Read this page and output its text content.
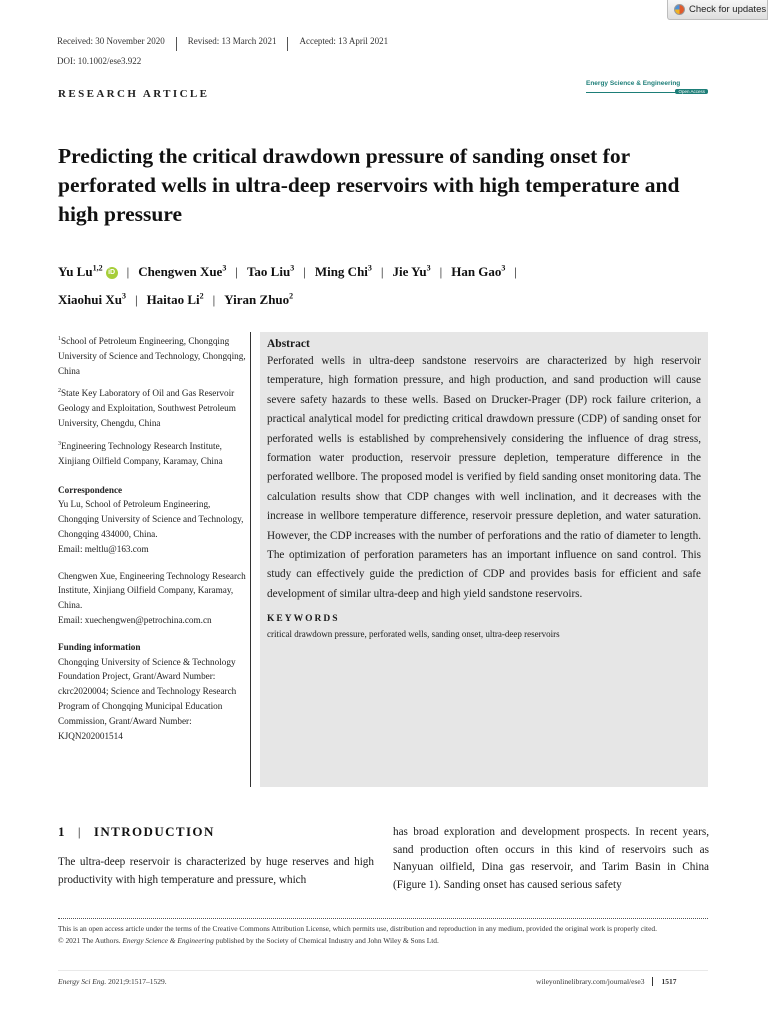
Check for updates
Received: 30 November 2020	Revised: 13 March 2021	Accepted: 13 April 2021
DOI: 10.1002/ese3.922
Energy Science & Engineering
Open Access
RESEARCH ARTICLE
Predicting the critical drawdown pressure of sanding onset for perforated wells in ultra-deep reservoirs with high temperature and high pressure
Yu Lu$^{1,2}$ iD | Chengwen Xue$^3$ | Tao Liu$^3$ | Ming Chi$^3$ | Jie Yu$^3$ | Han Gao$^3$ |
Xiaohui Xu$^3$ | Haitao Li$^2$ | Yiran Zhuo$^2$
$^1$School of Petroleum Engineering, Chongqing University of Science and Technology, Chongqing, China
$^2$State Key Laboratory of Oil and Gas Reservoir Geology and Exploitation, Southwest Petroleum University, Chengdu, China
$^3$Engineering Technology Research Institute, Xinjiang Oilfield Company, Karamay, China
Correspondence
Yu Lu, School of Petroleum Engineering, Chongqing University of Science and Technology, Chongqing 434000, China.
Email: meltlu@163.com
Chengwen Xue, Engineering Technology Research Institute, Xinjiang Oilfield Company, Karamay, China.
Email: xuechengwen@petrochina.com.cn
Funding information
Chongqing University of Science & Technology Foundation Project, Grant/Award Number: ckrc2020004; Science and Technology Research Program of Chongqing Municipal Education Commission, Grant/Award Number: KJQN202001514
Abstract
Perforated wells in ultra-deep sandstone reservoirs are characterized by high reservoir temperature, high formation pressure, and high production, and sand production will cause severe safety hazards to these wells. Based on Drucker-Prager (DP) rock failure criterion, a practical analytical model for predicting critical drawdown pressure (CDP) of sanding onset for perforated wells is established by comprehensively considering the influence of drag stress, formation water production, reservoir pressure depletion, temperature difference in the perforated wellbore. The proposed model is verified by field sanding onset monitoring data. The calculation results show that CDP changes with well inclination, and it decreases with the increase in wellbore temperature difference, reservoir pressure depletion, and water saturation. However, the CDP increases with the number of perforations and the ratio of diameter to length. The optimization of perforation parameters has an important influence on sand control. This study can effectively guide the prediction of CDP and provides basis for efficient and safe development of similar ultra-deep and high yield sandstone reservoirs.
KEYWORDS
critical drawdown pressure, perforated wells, sanding onset, ultra-deep reservoirs
1 | INTRODUCTION

The ultra-deep reservoir is characterized by huge reserves and high productivity with high temperature and pressure, which

has broad exploration and development prospects. In recent years, sand production often occurs in this kind of reservoirs such as Nanyuan oilfield, Dina gas reservoir, and Tarim Basin in China (Figure 1). Sanding onset has caused serious safety

This is an open access article under the terms of the Creative Commons Attribution License, which permits use, distribution and reproduction in any medium, provided the original work is properly cited.
© 2021 The Authors. Energy Science & Engineering published by the Society of Chemical Industry and John Wiley & Sons Ltd.
Energy Sci Eng. 2021;9:1517–1529.	wileyonlinelibrary.com/journal/ese3	1517
